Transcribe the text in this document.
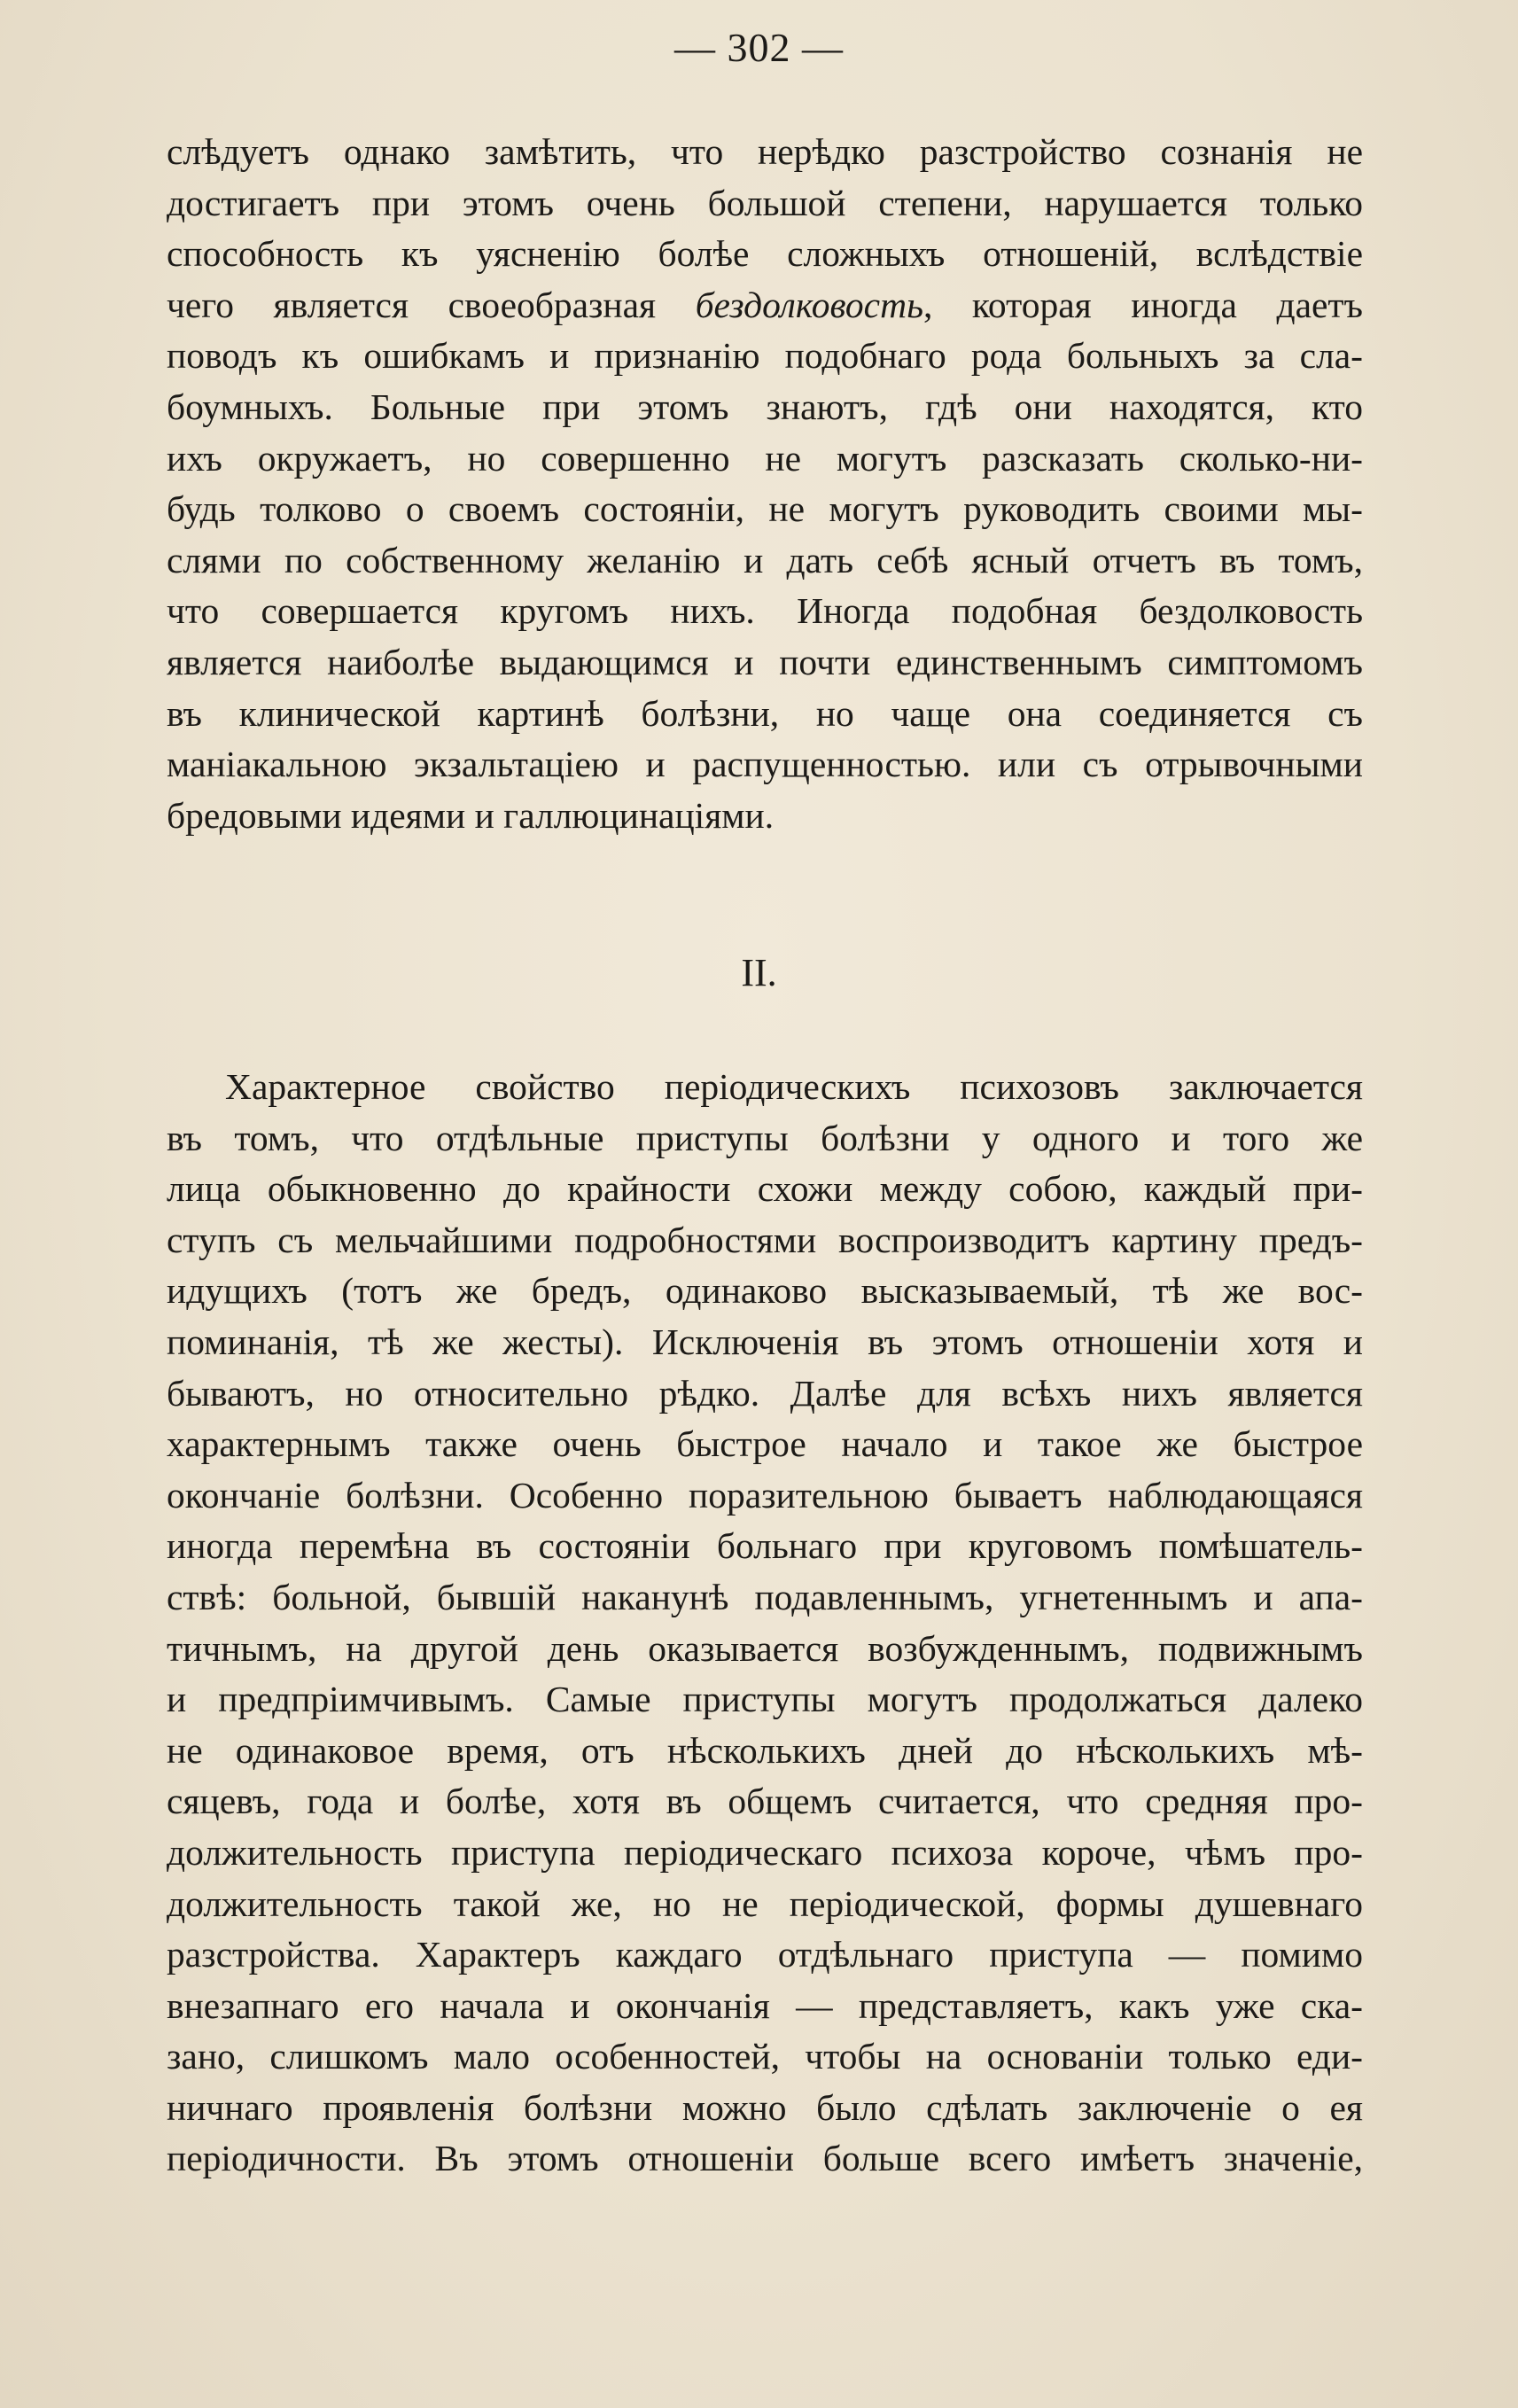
— 302 —
слѣдуетъ однако замѣтить, что нерѣдко разстройство сознанія не
достигаетъ при этомъ очень большой степени, нарушается только
способность къ уясненію болѣе сложныхъ отношеній, вслѣдствіе
чего является своеобразная бездолковость, которая иногда даетъ
поводъ къ ошибкамъ и признанію подобнаго рода больныхъ за сла-
боумныхъ. Больные при этомъ знаютъ, гдѣ они находятся, кто
ихъ окружаетъ, но совершенно не могутъ разсказать сколько-ни-
будь толково о своемъ состояніи, не могутъ руководить своими мы-
слями по собственному желанію и дать себѣ ясный отчетъ въ томъ,
что совершается кругомъ нихъ. Иногда подобная бездолковость
является наиболѣе выдающимся и почти единственнымъ симптомомъ
въ клинической картинѣ болѣзни, но чаще она соединяется съ
маніакальною экзальтаціею и распущенностью. или съ отрывочными
бредовыми идеями и галлюцинаціями.
II.
Характерное свойство періодическихъ психозовъ заключается
въ томъ, что отдѣльные приступы болѣзни у одного и того же
лица обыкновенно до крайности схожи между собою, каждый при-
ступъ съ мельчайшими подробностями воспроизводитъ картину предъ-
идущихъ (тотъ же бредъ, одинаково высказываемый, тѣ же вос-
поминанія, тѣ же жесты). Исключенія въ этомъ отношеніи хотя и
бываютъ, но относительно рѣдко. Далѣе для всѣхъ нихъ является
характернымъ также очень быстрое начало и такое же быстрое
окончаніе болѣзни. Особенно поразительною бываетъ наблюдающаяся
иногда перемѣна въ состояніи больнаго при круговомъ помѣшатель-
ствѣ: больной, бывшій наканунѣ подавленнымъ, угнетеннымъ и апа-
тичнымъ, на другой день оказывается возбужденнымъ, подвижнымъ
и предпріимчивымъ. Самые приступы могутъ продолжаться далеко
не одинаковое время, отъ нѣсколькихъ дней до нѣсколькихъ мѣ-
сяцевъ, года и болѣе, хотя въ общемъ считается, что средняя про-
должительность приступа періодическаго психоза короче, чѣмъ про-
должительность такой же, но не періодической, формы душевнаго
разстройства. Характеръ каждаго отдѣльнаго приступа — помимо
внезапнаго его начала и окончанія — представляетъ, какъ уже ска-
зано, слишкомъ мало особенностей, чтобы на основаніи только еди-
ничнаго проявленія болѣзни можно было сдѣлать заключеніе о ея
періодичности. Въ этомъ отношеніи больше всего имѣетъ значеніе,
